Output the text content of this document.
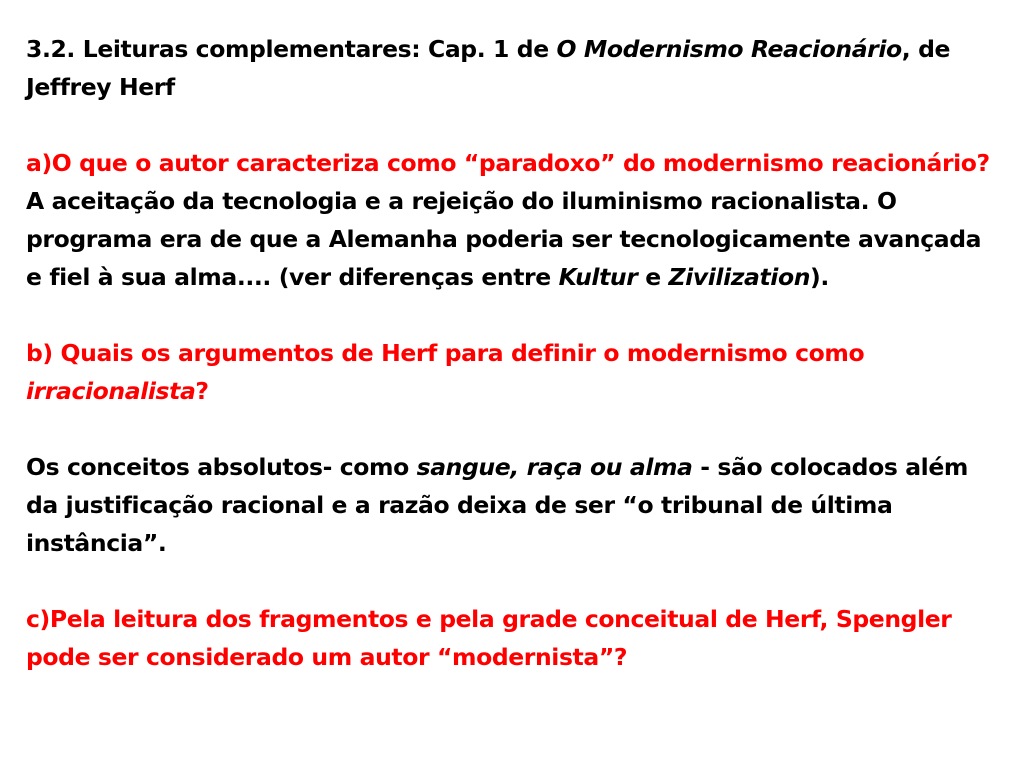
3.2. Leituras complementares: Cap. 1 de O Modernismo Reacionário, de Jeffrey Herf

a)O que o autor caracteriza como “paradoxo” do modernismo reacionário?

A aceitação da tecnologia e a rejeição do iluminismo racionalista. O programa era de que a Alemanha poderia ser tecnologicamente avançada e fiel à sua alma.... (ver diferenças entre Kultur e Zivilization).

b) Quais os argumentos de Herf para definir o modernismo como irracionalista?

Os conceitos absolutos- como sangue, raça ou alma - são colocados além da justificação racional e a razão deixa de ser “o tribunal de última instância”.

c)Pela leitura dos fragmentos e pela grade conceitual de Herf, Spengler pode ser considerado um autor “modernista”?
